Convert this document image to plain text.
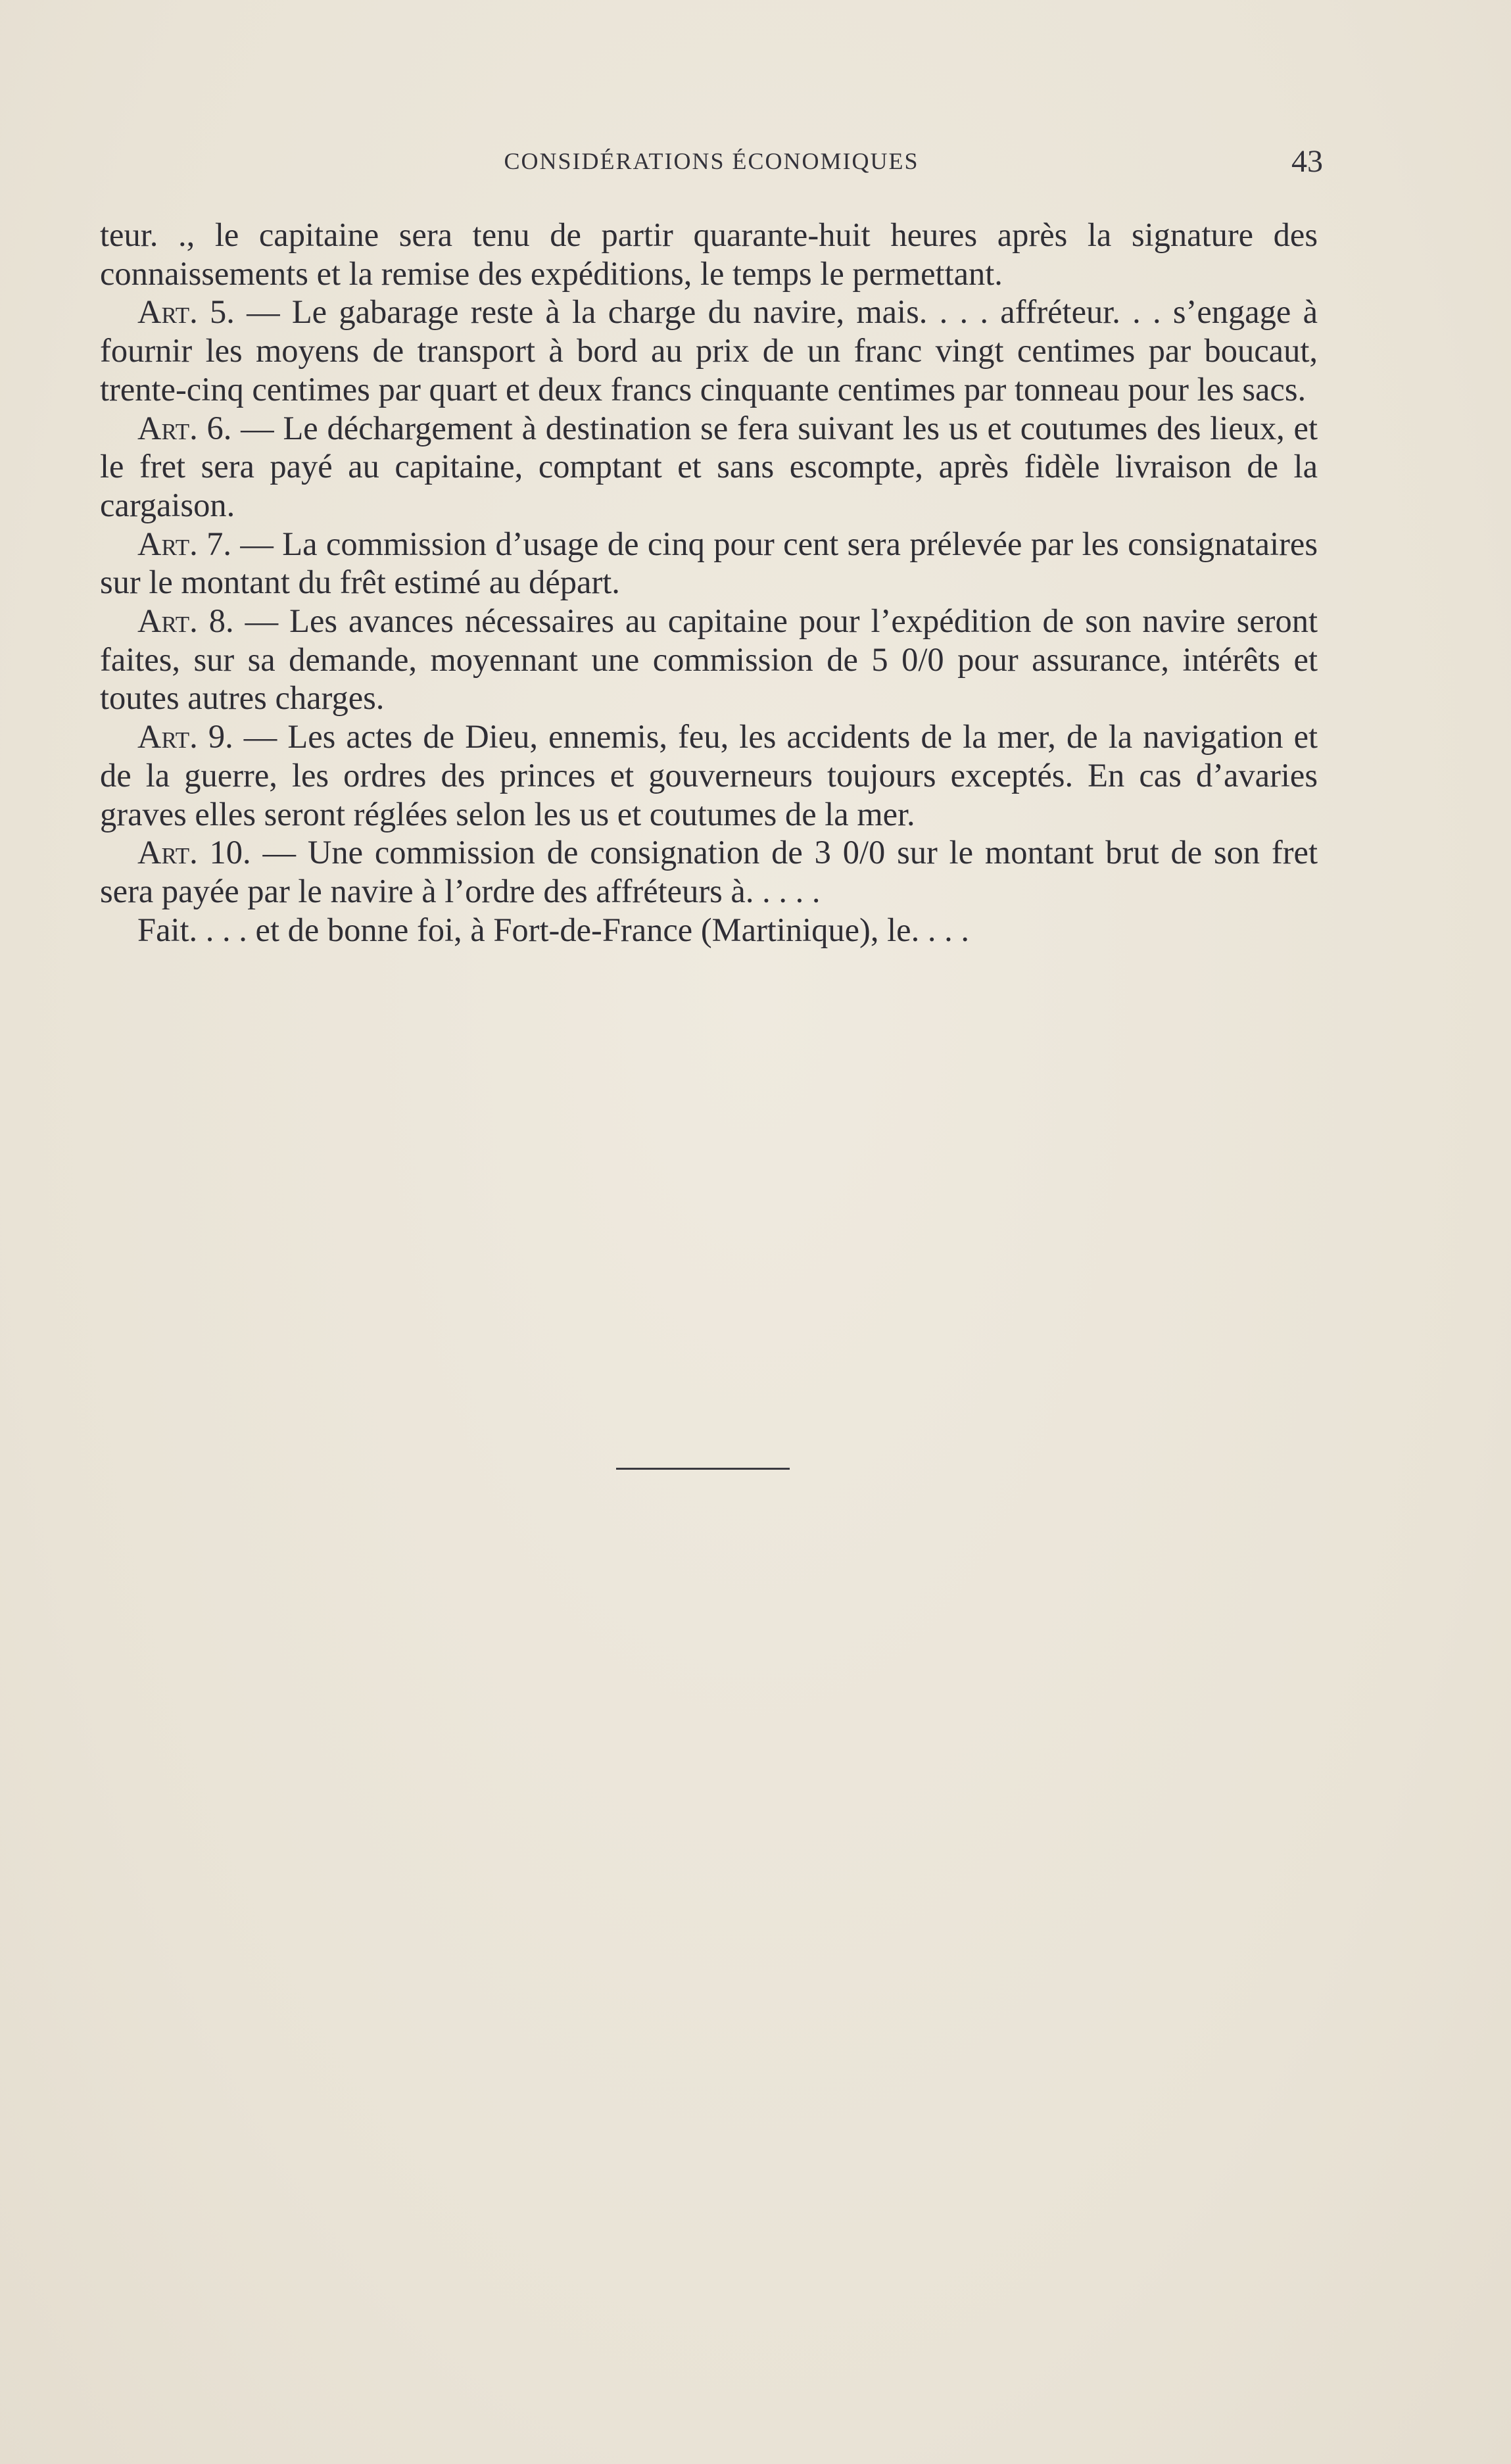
CONSIDÉRATIONS ÉCONOMIQUES	43

teur. ., le capitaine sera tenu de partir quarante-huit heures après la signature des connaissements et la remise des expéditions, le temps le permettant.

Art. 5. — Le gabarage reste à la charge du navire, mais. . . . affréteur. . . s’engage à fournir les moyens de transport à bord au prix de un franc vingt centimes par boucaut, trente-cinq centimes par quart et deux francs cinquante centimes par tonneau pour les sacs.

Art. 6. — Le déchargement à destination se fera suivant les us et coutumes des lieux, et le fret sera payé au capitaine, comptant et sans escompte, après fidèle livraison de la cargaison.

Art. 7. — La commission d’usage de cinq pour cent sera prélevée par les consignataires sur le montant du frêt estimé au départ.

Art. 8. — Les avances nécessaires au capitaine pour l’expédition de son navire seront faites, sur sa demande, moyennant une commission de 5 0/0 pour assurance, intérêts et toutes autres charges.

Art. 9. — Les actes de Dieu, ennemis, feu, les accidents de la mer, de la navigation et de la guerre, les ordres des princes et gouverneurs toujours exceptés. En cas d’avaries graves elles seront réglées selon les us et coutumes de la mer.

Art. 10. — Une commission de consignation de 3 0/0 sur le montant brut de son fret sera payée par le navire à l’ordre des affréteurs à. . . . .

Fait. . . . et de bonne foi, à Fort-de-France (Martinique), le. . . .
